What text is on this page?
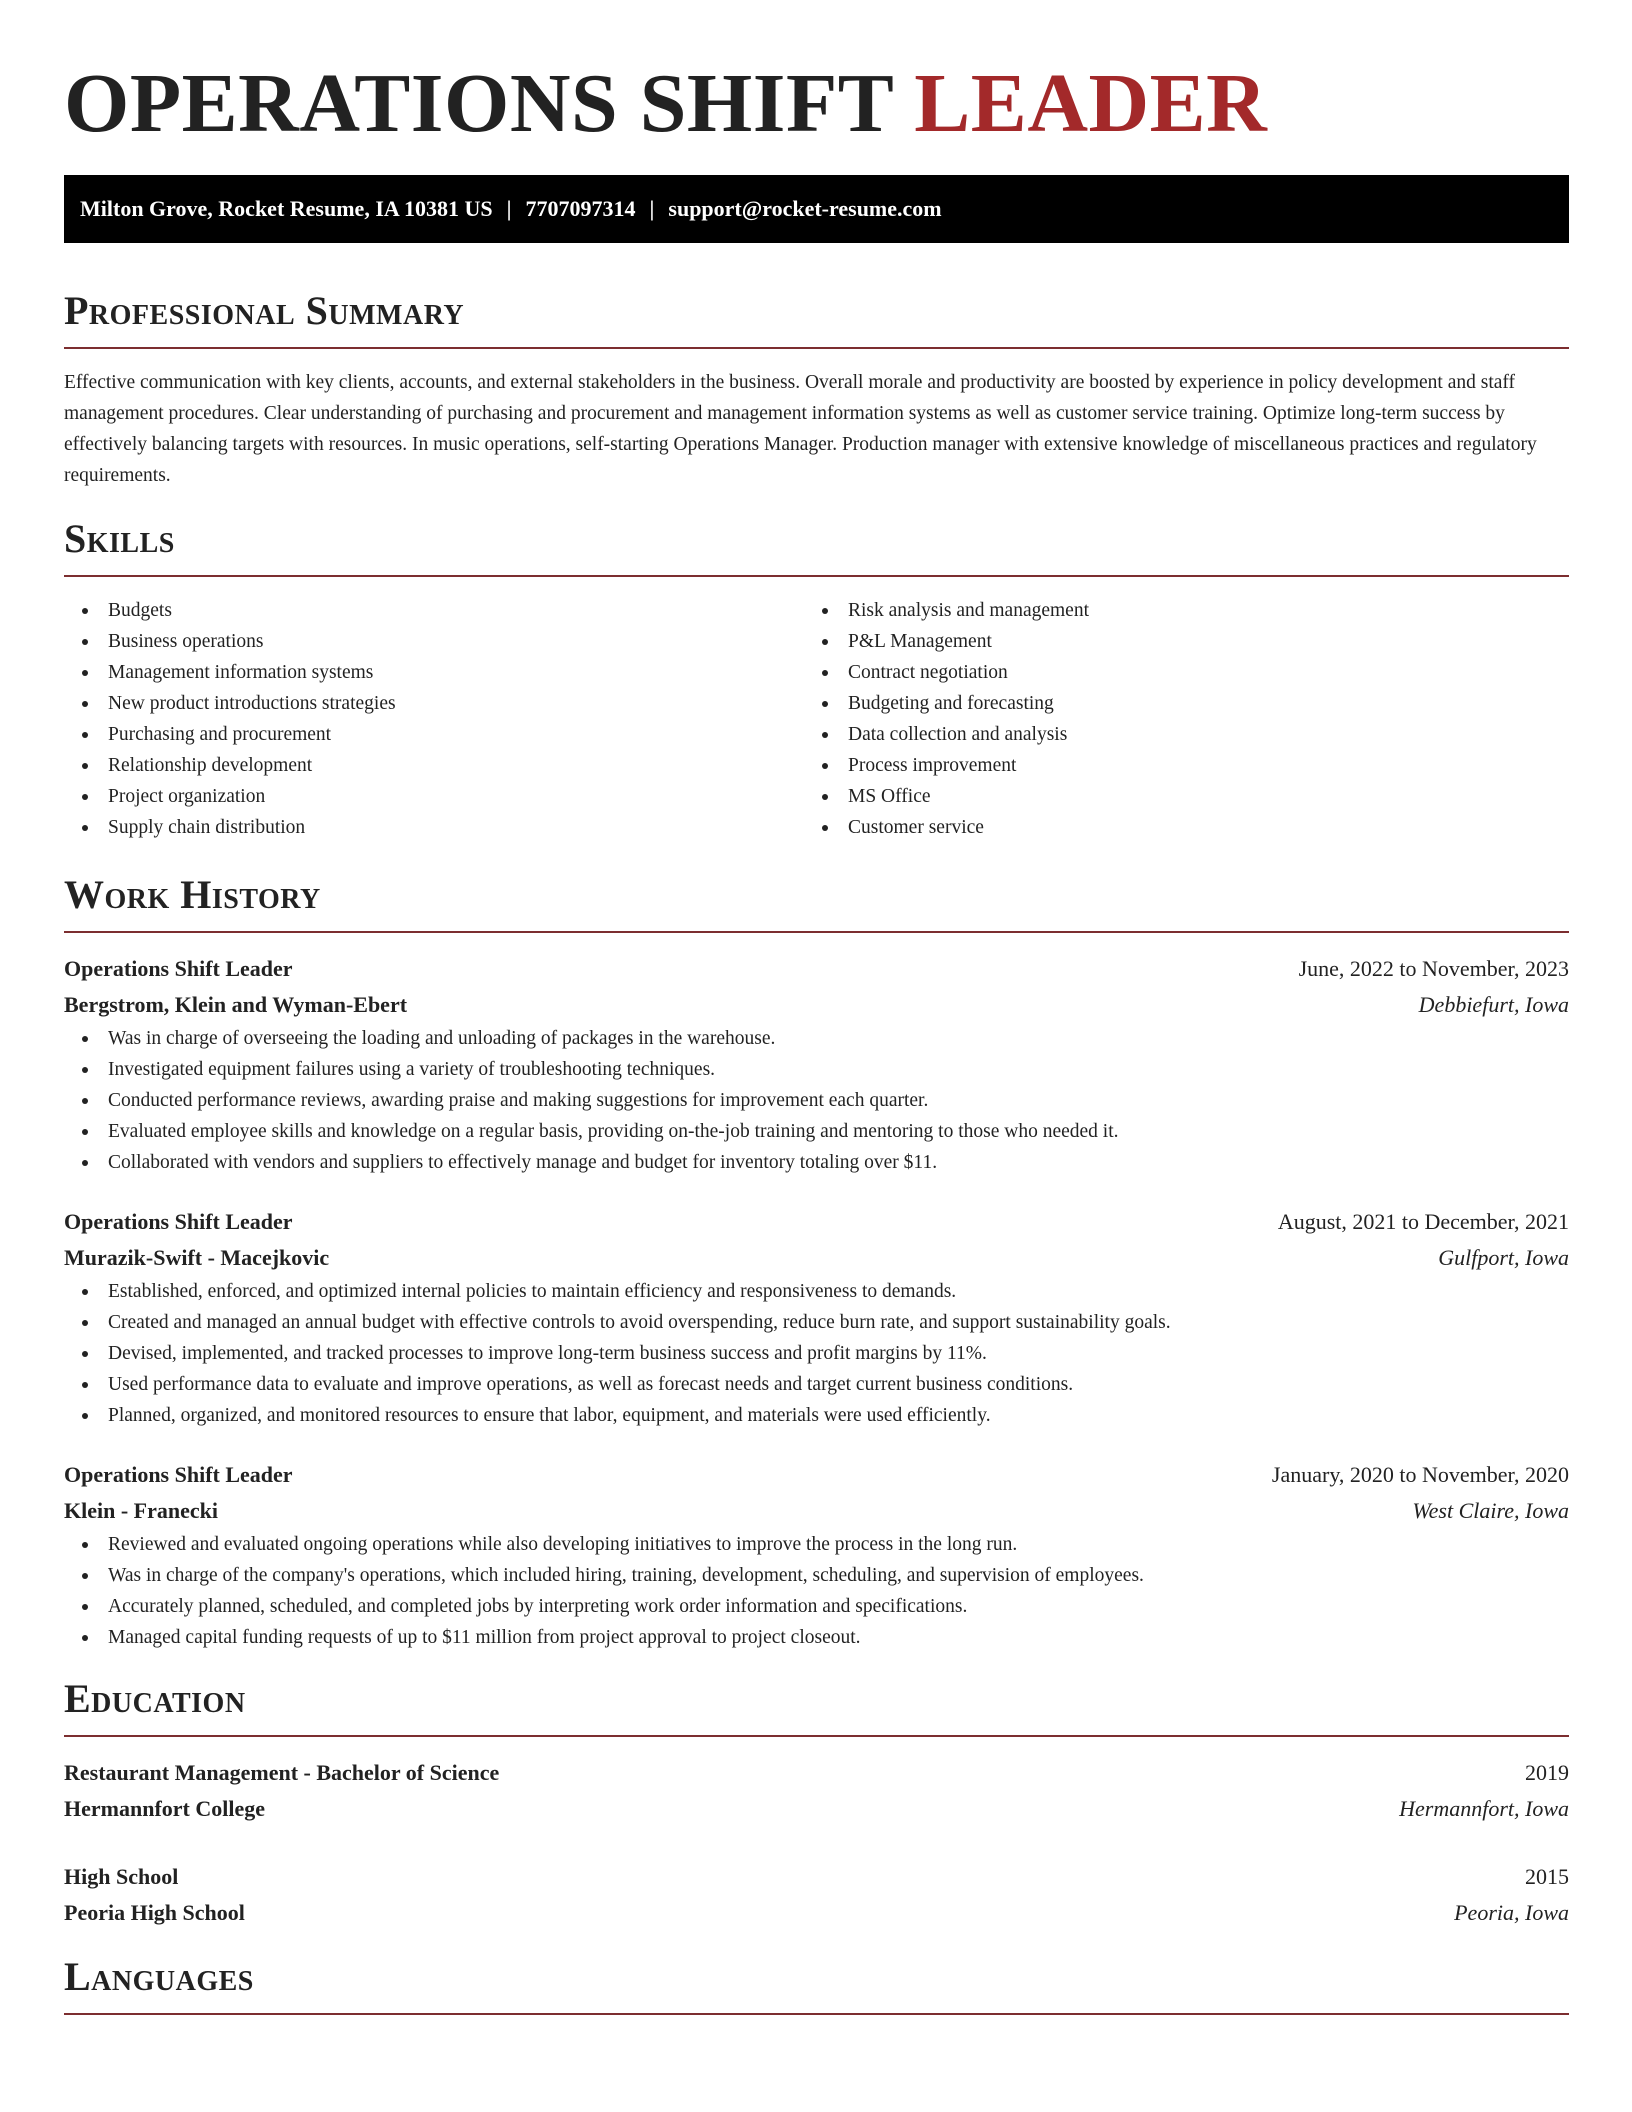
OPERATIONS SHIFT LEADER
Milton Grove, Rocket Resume, IA 10381 US | 7707097314 | support@rocket-resume.com
Professional Summary

Effective communication with key clients, accounts, and external stakeholders in the business. Overall morale and productivity are boosted by experience in policy development and staff management procedures. Clear understanding of purchasing and procurement and management information systems as well as customer service training. Optimize long-term success by effectively balancing targets with resources. In music operations, self-starting Operations Manager. Production manager with extensive knowledge of miscellaneous practices and regulatory requirements.

Skills
Budgets
Business operations
Management information systems
New product introductions strategies
Purchasing and procurement
Relationship development
Project organization
Supply chain distribution
Risk analysis and management
P&L Management
Contract negotiation
Budgeting and forecasting
Data collection and analysis
Process improvement
MS Office
Customer service
Work History
Operations Shift Leader	June, 2022 to November, 2023
Bergstrom, Klein and Wyman-Ebert	Debbiefurt, Iowa
Was in charge of overseeing the loading and unloading of packages in the warehouse.
Investigated equipment failures using a variety of troubleshooting techniques.
Conducted performance reviews, awarding praise and making suggestions for improvement each quarter.
Evaluated employee skills and knowledge on a regular basis, providing on-the-job training and mentoring to those who needed it.
Collaborated with vendors and suppliers to effectively manage and budget for inventory totaling over $11.
Operations Shift Leader	August, 2021 to December, 2021
Murazik-Swift - Macejkovic	Gulfport, Iowa
Established, enforced, and optimized internal policies to maintain efficiency and responsiveness to demands.
Created and managed an annual budget with effective controls to avoid overspending, reduce burn rate, and support sustainability goals.
Devised, implemented, and tracked processes to improve long-term business success and profit margins by 11%.
Used performance data to evaluate and improve operations, as well as forecast needs and target current business conditions.
Planned, organized, and monitored resources to ensure that labor, equipment, and materials were used efficiently.
Operations Shift Leader	January, 2020 to November, 2020
Klein - Franecki	West Claire, Iowa
Reviewed and evaluated ongoing operations while also developing initiatives to improve the process in the long run.
Was in charge of the company's operations, which included hiring, training, development, scheduling, and supervision of employees.
Accurately planned, scheduled, and completed jobs by interpreting work order information and specifications.
Managed capital funding requests of up to $11 million from project approval to project closeout.
Education
Restaurant Management - Bachelor of Science	2019
Hermannfort College	Hermannfort, Iowa
High School	2015
Peoria High School	Peoria, Iowa
Languages
